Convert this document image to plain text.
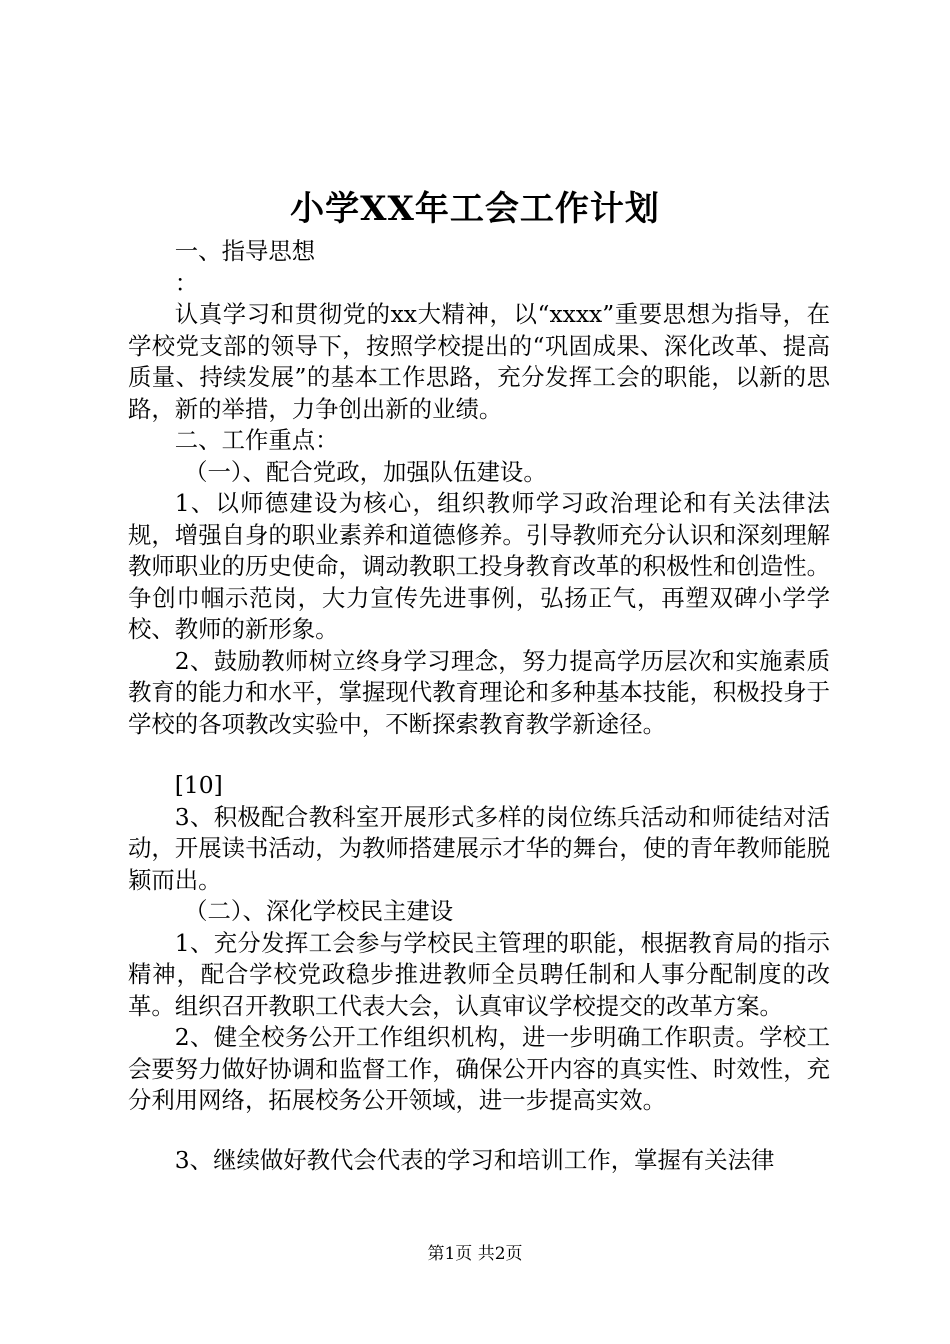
小学XX年工会工作计划

一、指导思想

：

认真学习和贯彻党的xx大精神，以“xxxx”重要思想为指导，在学校党支部的领导下，按照学校提出的“巩固成果、深化改革、提高质量、持续发展”的基本工作思路，充分发挥工会的职能，以新的思路，新的举措，力争创出新的业绩。

二、工作重点：

（一）、配合党政，加强队伍建设。

1、以师德建设为核心，组织教师学习政治理论和有关法律法规，增强自身的职业素养和道德修养。引导教师充分认识和深刻理解教师职业的历史使命，调动教职工投身教育改革的积极性和创造性。争创巾帼示范岗，大力宣传先进事例，弘扬正气，再塑双碑小学学校、教师的新形象。

2、鼓励教师树立终身学习理念，努力提高学历层次和实施素质教育的能力和水平，掌握现代教育理论和多种基本技能，积极投身于学校的各项教改实验中，不断探索教育教学新途径。

[10]

3、积极配合教科室开展形式多样的岗位练兵活动和师徒结对活动，开展读书活动，为教师搭建展示才华的舞台，使的青年教师能脱颖而出。

（二）、深化学校民主建设

1、充分发挥工会参与学校民主管理的职能，根据教育局的指示精神，配合学校党政稳步推进教师全员聘任制和人事分配制度的改革。组织召开教职工代表大会，认真审议学校提交的改革方案。

2、健全校务公开工作组织机构，进一步明确工作职责。学校工会要努力做好协调和监督工作，确保公开内容的真实性、时效性，充分利用网络，拓展校务公开领域，进一步提高实效。

3、继续做好教代会代表的学习和培训工作，掌握有关法律

第1页 共2页
